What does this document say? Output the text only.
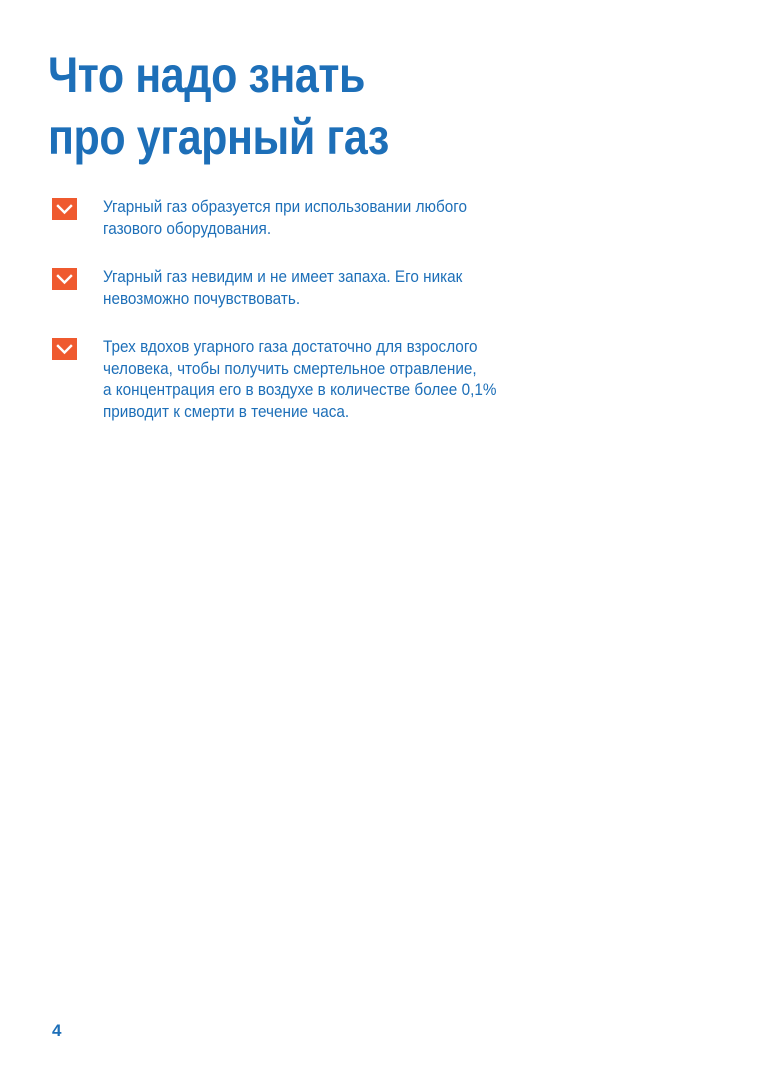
Что надо знать
про угарный газ

Угарный газ образуется при использовании любого
газового оборудования.

Угарный газ невидим и не имеет запаха. Его никак
невозможно почувствовать.

Трех вдохов угарного газа достаточно для взрослого
человека, чтобы получить смертельное отравление,
а концентрация его в воздухе в количестве более 0,1%
приводит к смерти в течение часа.

4
